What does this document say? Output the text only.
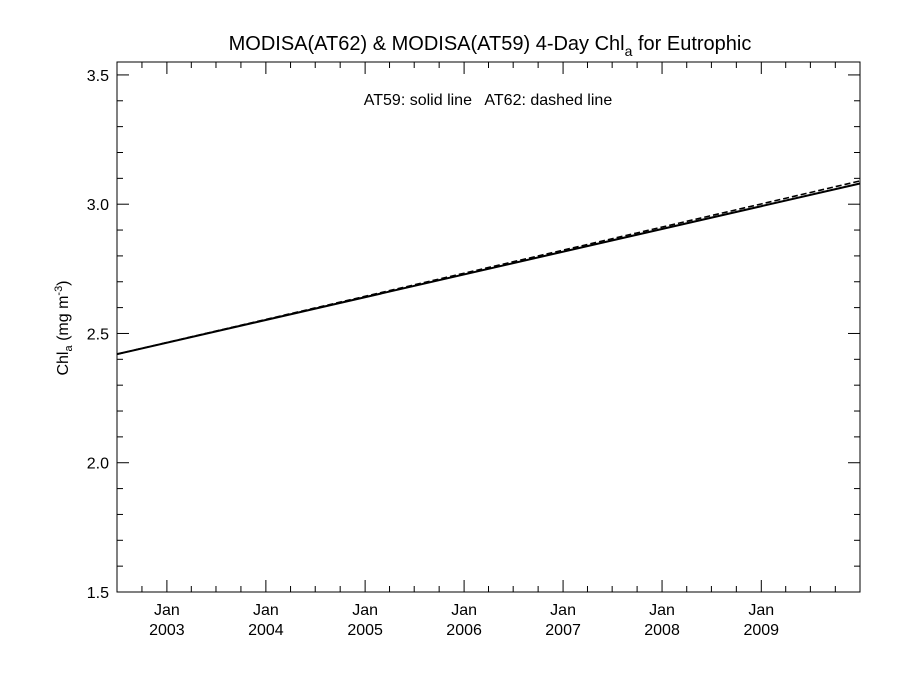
MODISA(AT62) & MODISA(AT59) 4-Day Chl$_a$ for Eutrophic
Chl$_a$ (mg $m^{-3}$)
AT59: solid line   AT62: dashed line
1.5
2.0
2.5
3.0
3.5
Jan
2003
Jan
2004
Jan
2005
Jan
2006
Jan
2007
Jan
2008
Jan
2009
